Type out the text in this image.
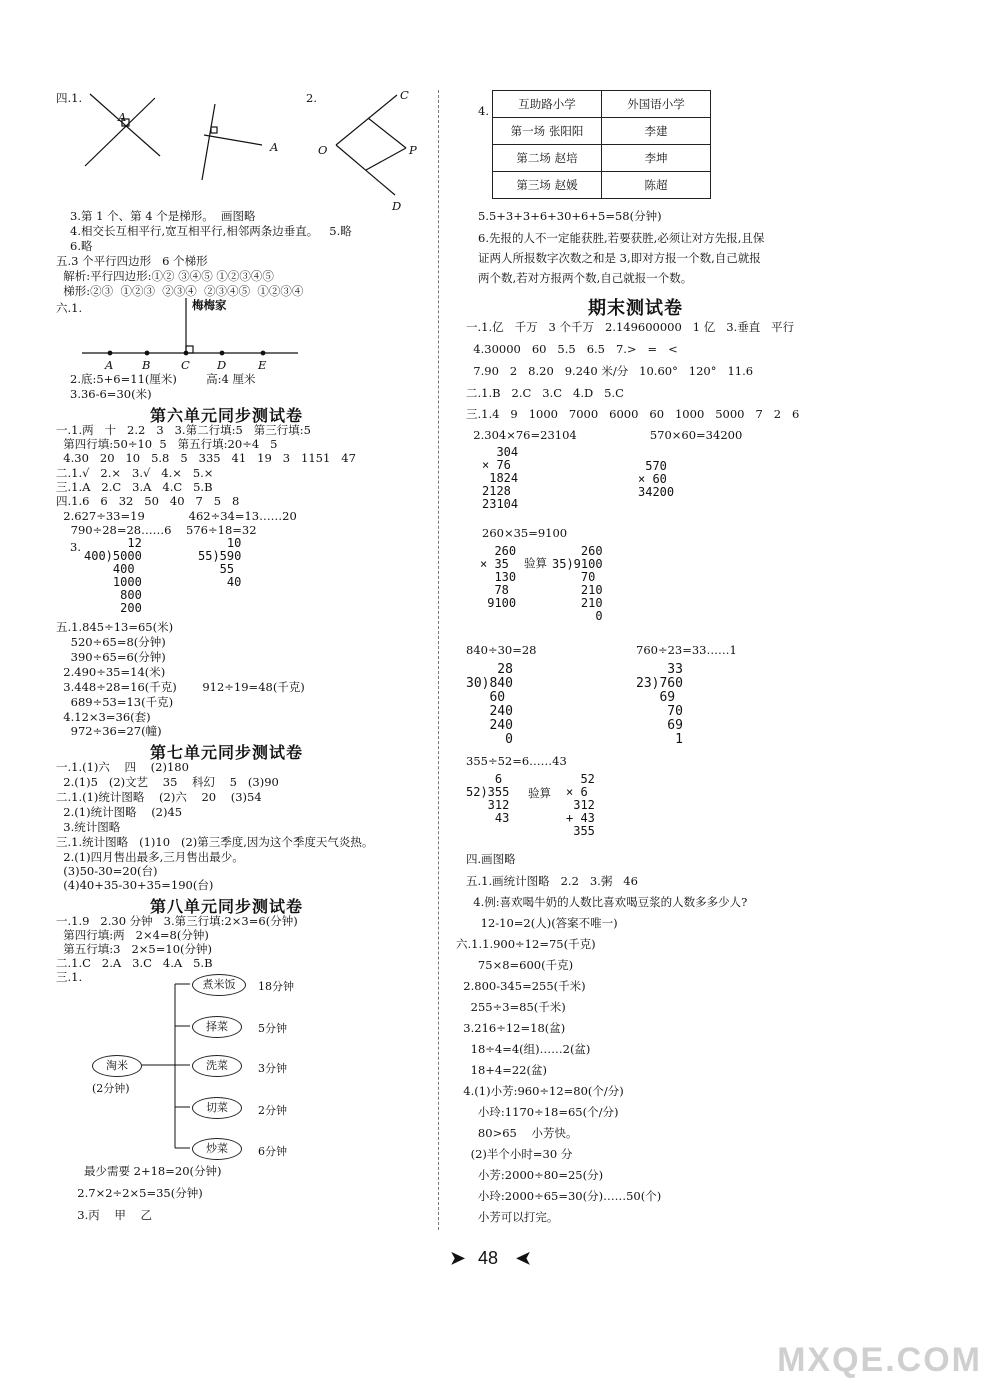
四.1.
A
A
2.	C
O	P
D
3.第 1 个、第 4 个是梯形。  画图略
4.相交长互相平行,宽互相平行,相邻两条边垂直。   5.略
6.略
五.3 个平行四边形   6 个梯形
解析:平行四边形:①② ③④⑤ ①②③④⑤
梯形:②③  ①②③  ②③④  ②③④⑤  ①②③④
六.1.	梅梅家
A B	C D	E
2.底:5+6=11(厘米)        高:4 厘米
3.36-6=30(米)
第六单元同步测试卷
一.1.两   十   2.2   3   3.第二行填:5   第三行填:5
第四行填:50÷10  5   第五行填:20÷4   5
4.30   20   10   5.8   5   335   41   19   3   1151   47
二.1.√   2.×   3.√   4.×   5.×
三.1.A   2.C   3.A   4.C   5.B
四.1.6   6   32   50   40   7   5   8
2.627÷33=19            462÷34=13……20
790÷28=28……6    576÷18=32
3.	12
400)5000
400
1000
800
200
10
55)590
55
40
五.1.845÷13=65(米)
520÷65=8(分钟)
390÷65=6(分钟)
2.490÷35=14(米)
3.448÷28=16(千克)       912÷19=48(千克)
689÷53=13(千克)
4.12×3=36(套)
972÷36=27(幢)
第七单元同步测试卷
一.1.(1)六    四    (2)180
2.(1)5   (2)文艺    35    科幻    5   (3)90
二.1.(1)统计图略    (2)六    20    (3)54
2.(1)统计图略    (2)45
3.统计图略
三.1.统计图略   (1)10   (2)第三季度,因为这个季度天气炎热。
2.(1)四月售出最多,三月售出最少。
(3)50-30=20(台)
(4)40+35-30+35=190(台)
第八单元同步测试卷
一.1.9   2.30 分钟   3.第三行填:2×3=6(分钟)
第四行填:两   2×4=8(分钟)
第五行填:3   2×5=10(分钟)
二.1.C   2.A   3.C   4.A   5.B
三.1.
淘米
(2分钟)
煮米饭	18分钟
择菜	5分钟
洗菜	3分钟
切菜	2分钟
炒菜	6分钟
最少需要 2+18=20(分钟)
2.7×2÷2×5=35(分钟)
3.丙    甲    乙
4.	互助路小学	外国语小学
第一场 张阳阳	李建
第二场 赵培	李坤
第三场 赵媛	陈超
5.5+3+3+6+30+6+5=58(分钟)
6.先报的人不一定能获胜,若要获胜,必须让对方先报,且保
证两人所报数字次数之和是 3,即对方报一个数,自己就报
两个数,若对方报两个数,自己就报一个数。
期末测试卷
一.1.亿   千万   3 个千万   2.149600000   1 亿   3.垂直   平行
4.30000   60   5.5   6.5   7.>   =   <
7.90   2   8.20   9.240 米/分   10.60°   120°   11.6
二.1.B   2.C   3.C   4.D   5.C
三.1.4   9   1000   7000   6000   60   1000   5000   7   2   6
2.304×76=23104                    570×60=34200
304
× 76
1824
2128
23104
570
× 60
34200
260×35=9100
260
× 35
130
78
9100
验算
260
35)9100
70
210
210
0
840÷30=28	760÷23=33……1
28
30)840
60
240
240
0
33
23)760
69
70
69
1
355÷52=6……43
6
52)355
312
43
验算
52
× 6
312
+ 43
355
四.画图略
五.1.画统计图略   2.2   3.粥   46
4.例:喜欢喝牛奶的人数比喜欢喝豆浆的人数多多少人?
12-10=2(人)(答案不唯一)
六.1.1.900÷12=75(千克)
75×8=600(千克)
2.800-345=255(千米)
255÷3=85(千米)
3.216÷12=18(盆)
18÷4=4(组)……2(盆)
18+4=22(盆)
4.(1)小芳:960÷12=80(个/分)
小玲:1170÷18=65(个/分)
80>65    小芳快。
(2)半个小时=30 分
小芳:2000÷80=25(分)
小玲:2000÷65=30(分)……50(个)
小芳可以打完。
➤ 48 ➤
MXQE.COM
